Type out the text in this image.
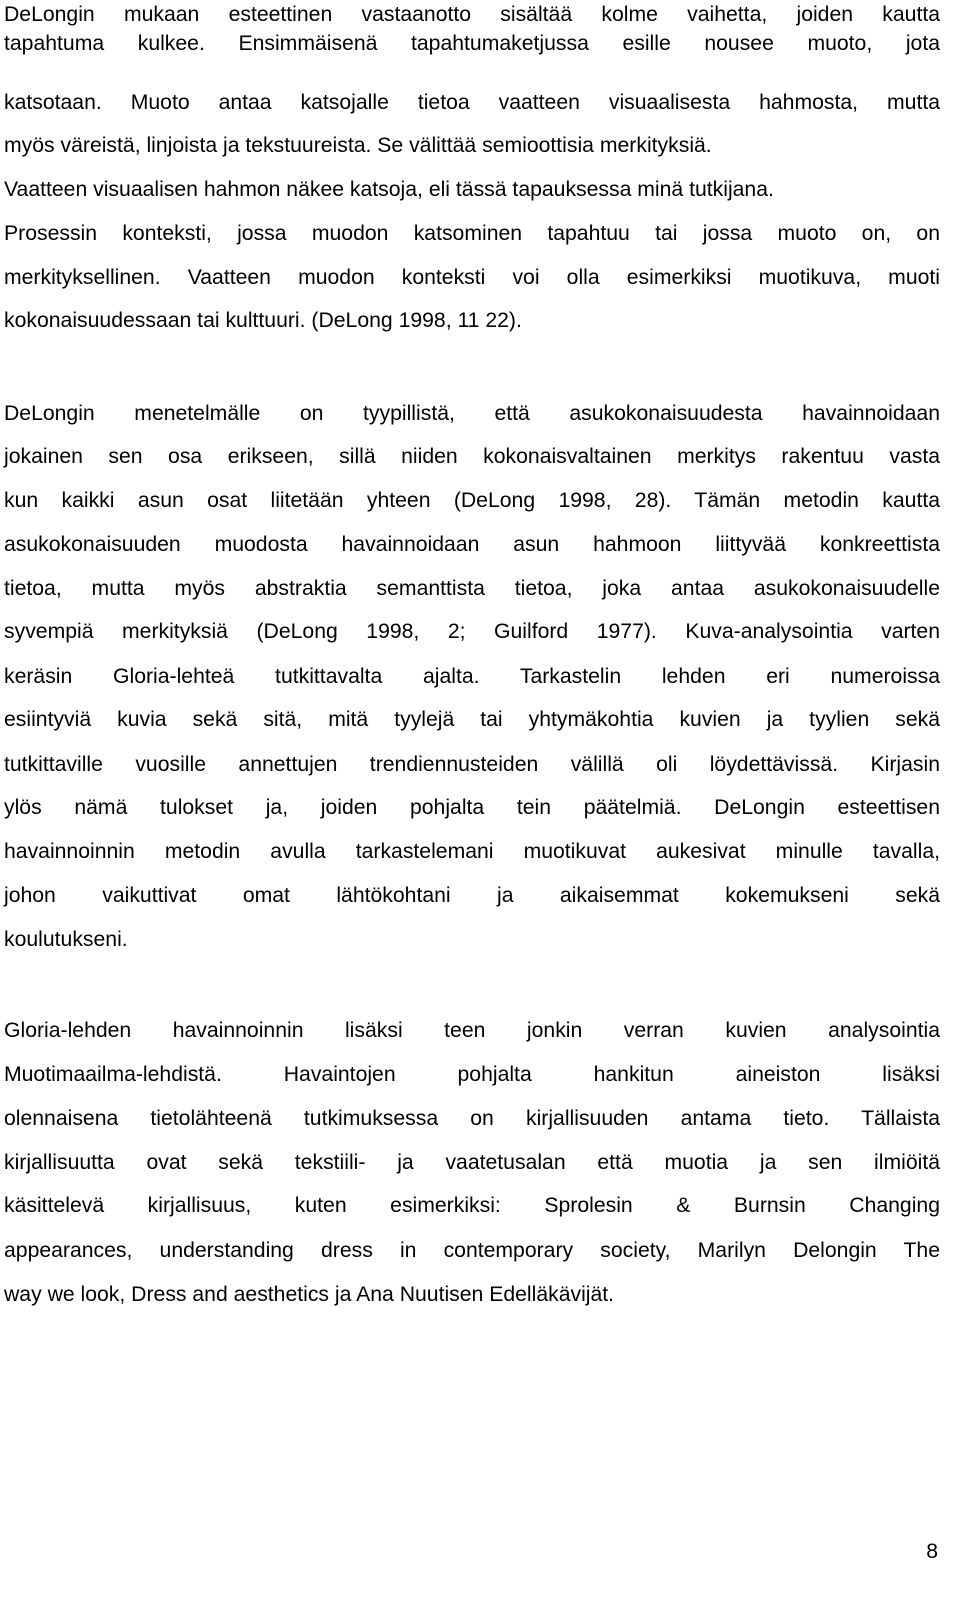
DeLongin mukaan esteettinen vastaanotto sisältää kolme vaihetta, joiden kautta
tapahtuma kulkee. Ensimmäisenä tapahtumaketjussa esille nousee muoto, jota
katsotaan. Muoto antaa katsojalle tietoa vaatteen visuaalisesta hahmosta, mutta
myös väreistä, linjoista ja tekstuureista. Se välittää semioottisia merkityksiä.
Vaatteen visuaalisen hahmon näkee katsoja, eli tässä tapauksessa minä tutkijana.
Prosessin konteksti, jossa muodon katsominen tapahtuu tai jossa muoto on, on
merkityksellinen. Vaatteen muodon konteksti voi olla esimerkiksi muotikuva, muoti
kokonaisuudessaan tai kulttuuri. (DeLong 1998, 11 22).
DeLongin menetelmälle on tyypillistä, että asukokonaisuudesta havainnoidaan
jokainen sen osa erikseen, sillä niiden kokonaisvaltainen merkitys rakentuu vasta
kun kaikki asun osat liitetään yhteen (DeLong 1998, 28). Tämän metodin kautta
asukokonaisuuden muodosta havainnoidaan asun hahmoon liittyvää konkreettista
tietoa, mutta myös abstraktia semanttista tietoa, joka antaa asukokonaisuudelle
syvempiä merkityksiä (DeLong 1998, 2; Guilford 1977). Kuva-analysointia varten
keräsin Gloria-lehteä tutkittavalta ajalta. Tarkastelin lehden eri numeroissa
esiintyviä kuvia sekä sitä, mitä tyylejä tai yhtymäkohtia kuvien ja tyylien sekä
tutkittaville vuosille annettujen trendiennusteiden välillä oli löydettävissä. Kirjasin
ylös nämä tulokset ja, joiden pohjalta tein päätelmiä. DeLongin esteettisen
havainnoinnin metodin avulla tarkastelemani muotikuvat aukesivat minulle tavalla,
johon vaikuttivat omat lähtökohtani ja aikaisemmat kokemukseni sekä
koulutukseni.
Gloria-lehden havainnoinnin lisäksi teen jonkin verran kuvien analysointia
Muotimaailma-lehdistä. Havaintojen pohjalta hankitun aineiston lisäksi
olennaisena tietolähteenä tutkimuksessa on kirjallisuuden antama tieto. Tällaista
kirjallisuutta ovat sekä tekstiili- ja vaatetusalan että muotia ja sen ilmiöitä
käsittelevä kirjallisuus, kuten esimerkiksi: Sprolesin & Burnsin Changing
appearances, understanding dress in contemporary society, Marilyn Delongin The
way we look, Dress and aesthetics ja Ana Nuutisen Edelläkävijät.
8
